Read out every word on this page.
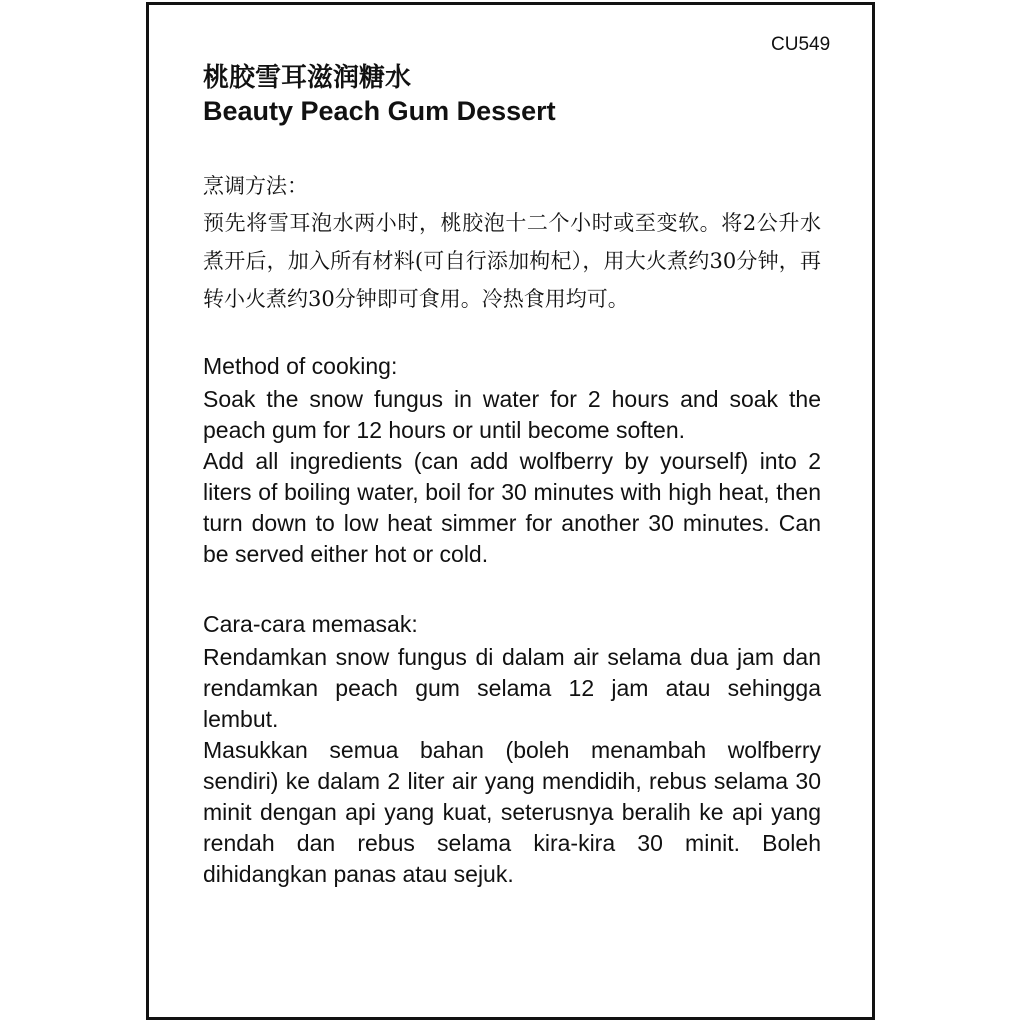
CU549
桃胶雪耳滋润糖水
Beauty Peach Gum Dessert
烹调方法：
预先将雪耳泡水两小时，桃胶泡十二个小时或至变软。将2公升水煮开后，加入所有材料(可自行添加枸杞），用大火煮约30分钟，再转小火煮约30分钟即可食用。冷热食用均可。
Method of cooking:
Soak the snow fungus in water for 2 hours and soak the peach gum for 12 hours or until become soften.
Add all ingredients (can add wolfberry by yourself) into 2 liters of boiling water, boil for 30 minutes with high heat, then turn down to low heat simmer for another 30 minutes. Can be served either hot or cold.
Cara-cara memasak:
Rendamkan snow fungus di dalam air selama dua jam dan rendamkan peach gum selama 12 jam atau sehingga lembut.
Masukkan semua bahan (boleh menambah wolfberry sendiri) ke dalam 2 liter air yang mendidih, rebus selama 30 minit dengan api yang kuat, seterusnya beralih ke api yang rendah dan rebus selama kira-kira 30 minit. Boleh dihidangkan panas atau sejuk.
